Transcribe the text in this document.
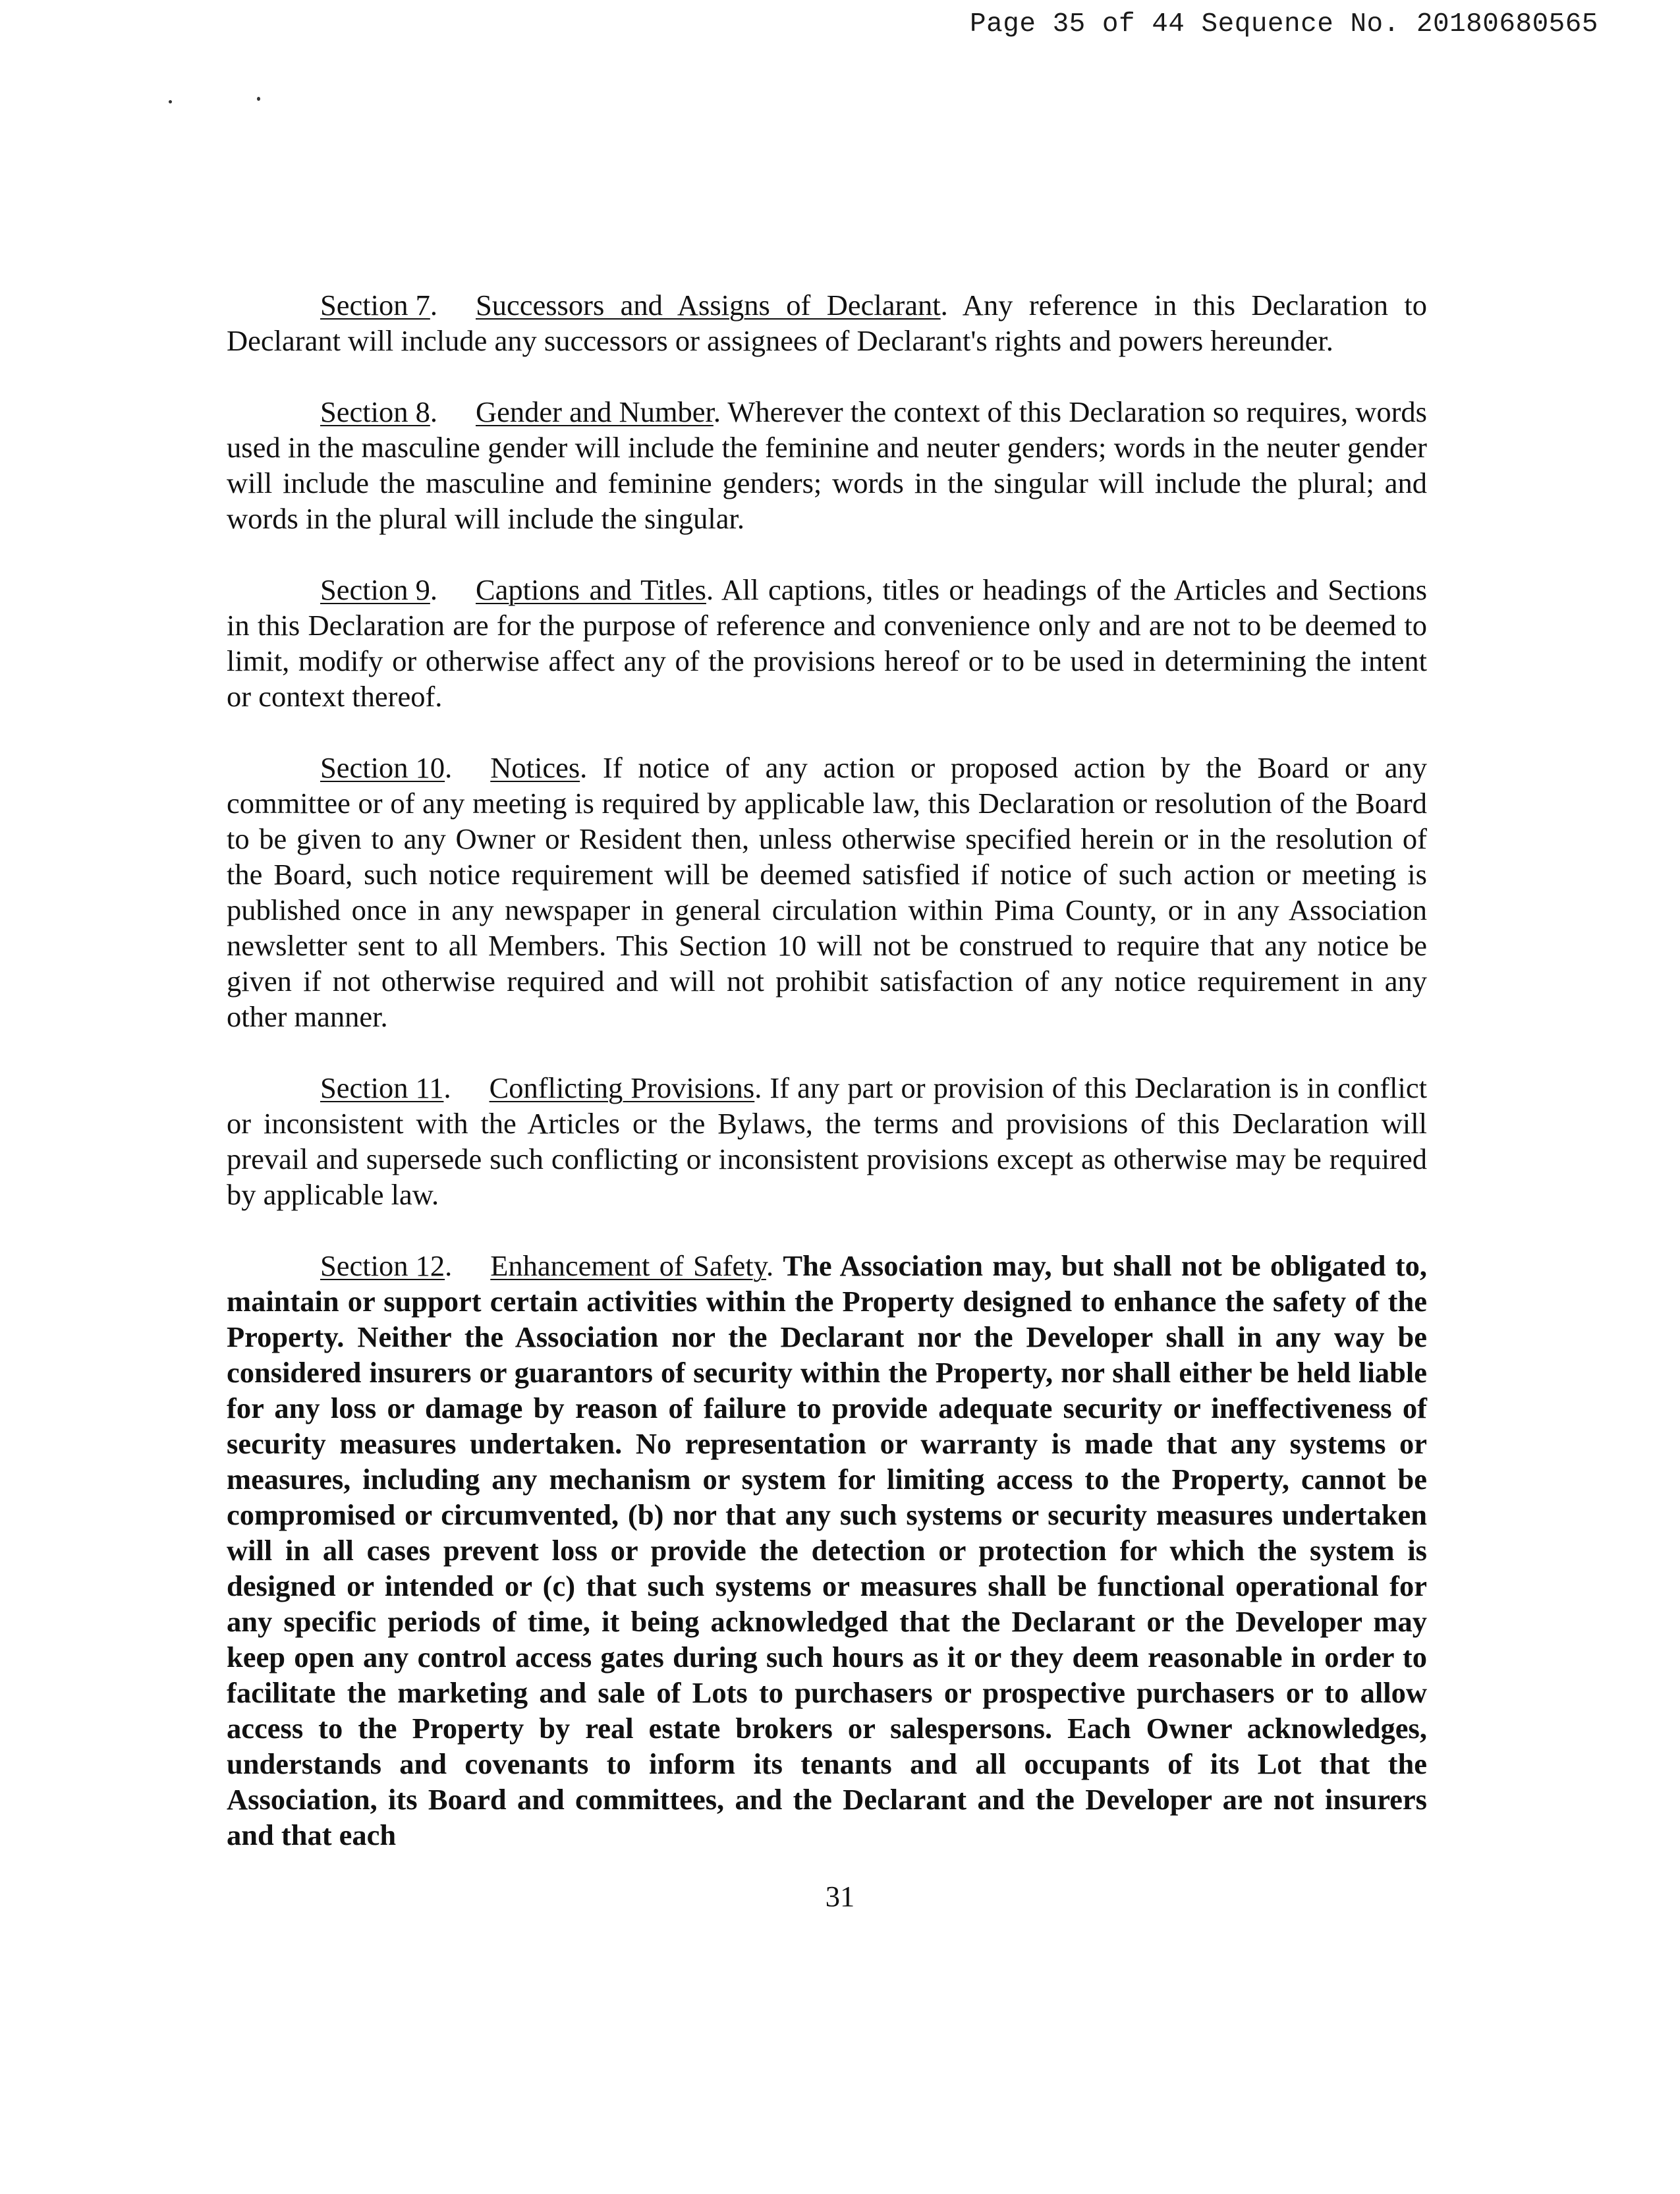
Page 35 of 44 Sequence No. 20180680565

Section 7. Successors and Assigns of Declarant. Any reference in this Declaration to Declarant will include any successors or assignees of Declarant's rights and powers hereunder.

Section 8. Gender and Number. Wherever the context of this Declaration so requires, words used in the masculine gender will include the feminine and neuter genders; words in the neuter gender will include the masculine and feminine genders; words in the singular will include the plural; and words in the plural will include the singular.

Section 9. Captions and Titles. All captions, titles or headings of the Articles and Sections in this Declaration are for the purpose of reference and convenience only and are not to be deemed to limit, modify or otherwise affect any of the provisions hereof or to be used in determining the intent or context thereof.

Section 10. Notices. If notice of any action or proposed action by the Board or any committee or of any meeting is required by applicable law, this Declaration or resolution of the Board to be given to any Owner or Resident then, unless otherwise specified herein or in the resolution of the Board, such notice requirement will be deemed satisfied if notice of such action or meeting is published once in any newspaper in general circulation within Pima County, or in any Association newsletter sent to all Members. This Section 10 will not be construed to require that any notice be given if not otherwise required and will not prohibit satisfaction of any notice requirement in any other manner.

Section 11. Conflicting Provisions. If any part or provision of this Declaration is in conflict or inconsistent with the Articles or the Bylaws, the terms and provisions of this Declaration will prevail and supersede such conflicting or inconsistent provisions except as otherwise may be required by applicable law.

Section 12. Enhancement of Safety. The Association may, but shall not be obligated to, maintain or support certain activities within the Property designed to enhance the safety of the Property. Neither the Association nor the Declarant nor the Developer shall in any way be considered insurers or guarantors of security within the Property, nor shall either be held liable for any loss or damage by reason of failure to provide adequate security or ineffectiveness of security measures undertaken. No representation or warranty is made that any systems or measures, including any mechanism or system for limiting access to the Property, cannot be compromised or circumvented, (b) nor that any such systems or security measures undertaken will in all cases prevent loss or provide the detection or protection for which the system is designed or intended or (c) that such systems or measures shall be functional operational for any specific periods of time, it being acknowledged that the Declarant or the Developer may keep open any control access gates during such hours as it or they deem reasonable in order to facilitate the marketing and sale of Lots to purchasers or prospective purchasers or to allow access to the Property by real estate brokers or salespersons. Each Owner acknowledges, understands and covenants to inform its tenants and all occupants of its Lot that the Association, its Board and committees, and the Declarant and the Developer are not insurers and that each

31
